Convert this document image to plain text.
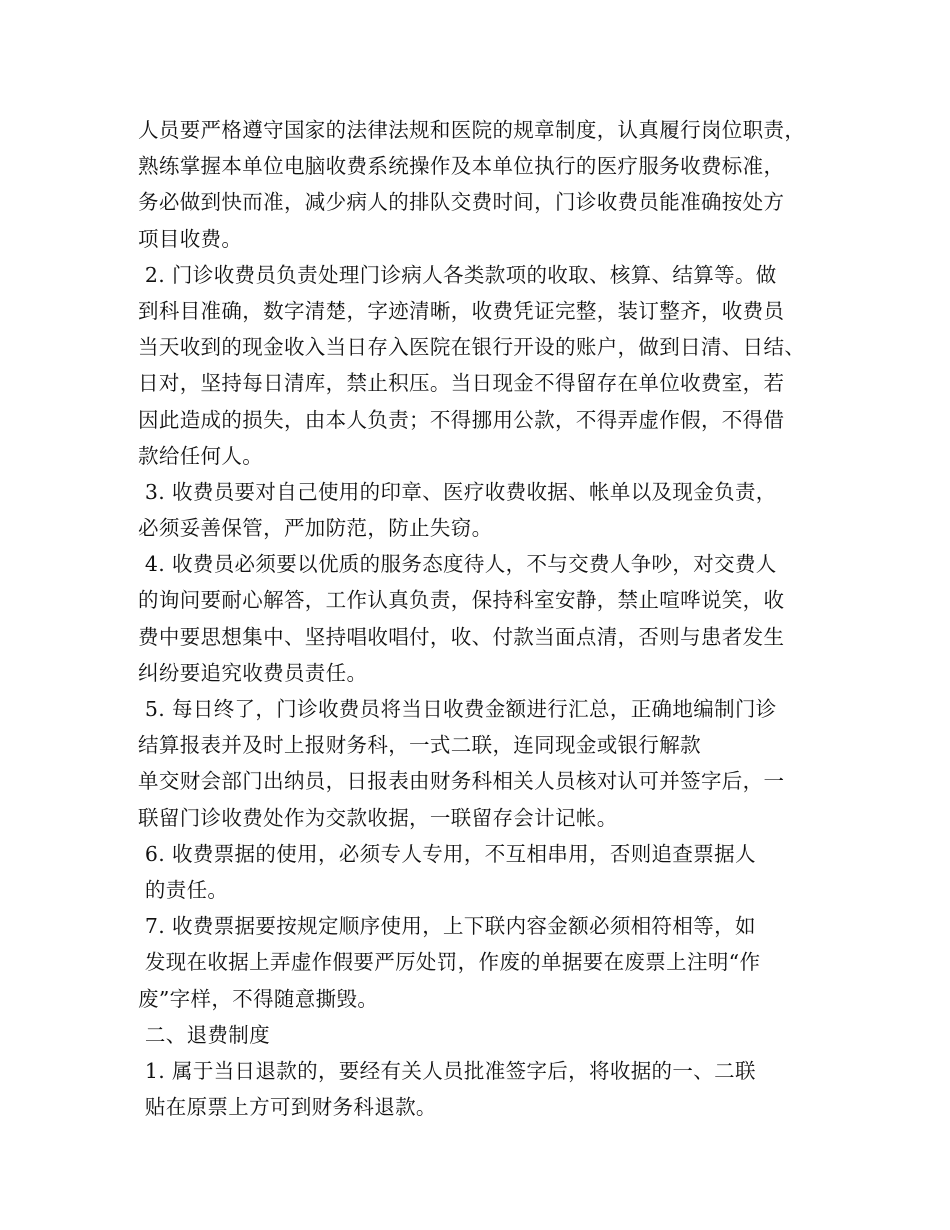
人员要严格遵守国家的法律法规和医院的规章制度，认真履行岗位职责，
熟练掌握本单位电脑收费系统操作及本单位执行的医疗服务收费标准，
务必做到快而准，减少病人的排队交费时间，门诊收费员能准确按处方
项目收费。
2. 门诊收费员负责处理门诊病人各类款项的收取、核算、结算等。做
到科目准确，数字清楚，字迹清晰，收费凭证完整，装订整齐，收费员
当天收到的现金收入当日存入医院在银行开设的账户，做到日清、日结、
日对，坚持每日清库，禁止积压。当日现金不得留存在单位收费室，若
因此造成的损失，由本人负责；不得挪用公款，不得弄虚作假，不得借
款给任何人。
3. 收费员要对自己使用的印章、医疗收费收据、帐单以及现金负责，
必须妥善保管，严加防范，防止失窃。
4. 收费员必须要以优质的服务态度待人，不与交费人争吵，对交费人
的询问要耐心解答，工作认真负责，保持科室安静，禁止喧哗说笑，收
费中要思想集中、坚持唱收唱付，收、付款当面点清，否则与患者发生
纠纷要追究收费员责任。
5. 每日终了，门诊收费员将当日收费金额进行汇总，正确地编制门诊
结算报表并及时上报财务科，一式二联，连同现金或银行解款
单交财会部门出纳员，日报表由财务科相关人员核对认可并签字后，一
联留门诊收费处作为交款收据，一联留存会计记帐。
6. 收费票据的使用，必须专人专用，不互相串用，否则追查票据人
的责任。
7. 收费票据要按规定顺序使用，上下联内容金额必须相符相等，如
发现在收据上弄虚作假要严厉处罚，作废的单据要在废票上注明“作
废”字样，不得随意撕毁。
二、退费制度
1. 属于当日退款的，要经有关人员批准签字后，将收据的一、二联
贴在原票上方可到财务科退款。
